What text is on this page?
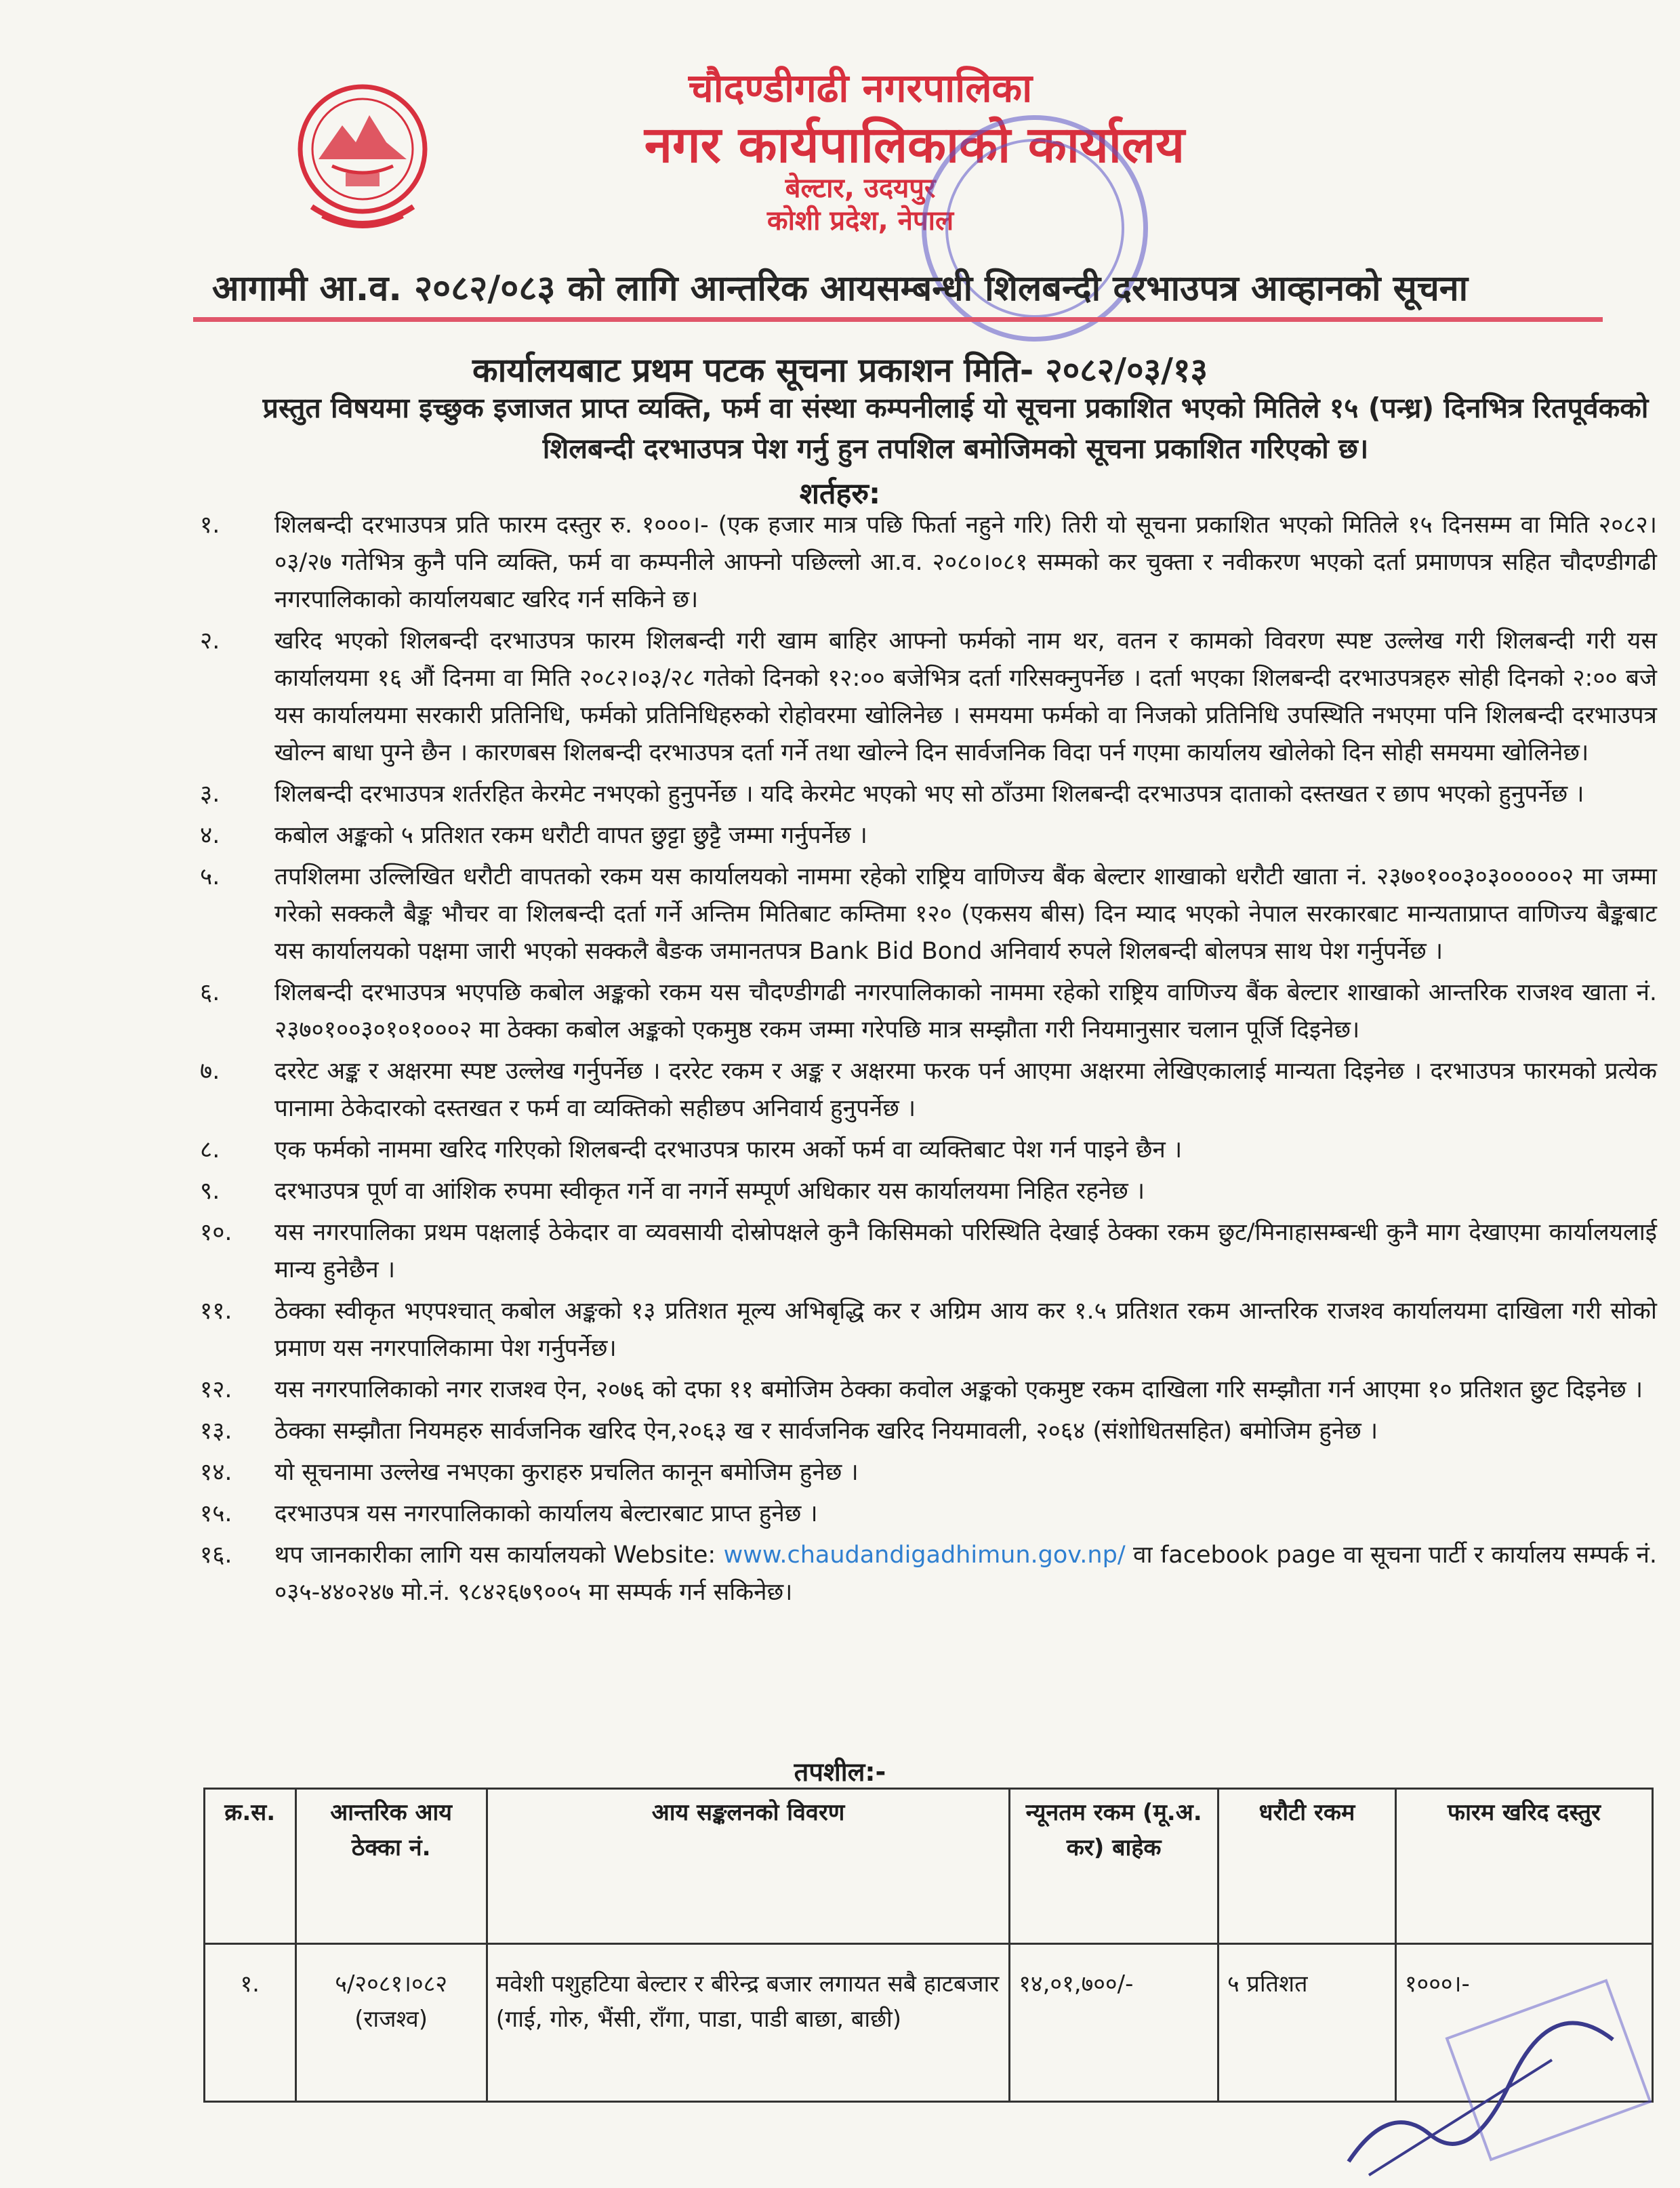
चौदण्डीगढी नगरपालिका
नगर कार्यपालिकाको कार्यालय
बेल्टार, उदयपुर
कोशी प्रदेश, नेपाल
आगामी आ.व. २०८२/०८३ को लागि आन्तरिक आयसम्बन्धी शिलबन्दी दरभाउपत्र आव्हानको सूचना
कार्यालयबाट प्रथम पटक सूचना प्रकाशन मिति- २०८२/०३/१३
प्रस्तुत विषयमा इच्छुक इजाजत प्राप्त व्यक्ति, फर्म वा संस्था कम्पनीलाई यो सूचना प्रकाशित भएको मितिले १५ (पन्ध्र) दिनभित्र रितपूर्वकको शिलबन्दी दरभाउपत्र पेश गर्नु हुन तपशिल बमोजिमको सूचना प्रकाशित गरिएको छ।
शर्तहरु:
१.	शिलबन्दी दरभाउपत्र प्रति फारम दस्तुर रु. १०००।- (एक हजार मात्र पछि फिर्ता नहुने गरि) तिरी यो सूचना प्रकाशित भएको मितिले १५ दिनसम्म वा मिति २०८२।०३/२७ गतेभित्र कुनै पनि व्यक्ति, फर्म वा कम्पनीले आफ्नो पछिल्लो आ.व. २०८०।०८१ सम्मको कर चुक्ता र नवीकरण भएको दर्ता प्रमाणपत्र सहित चौदण्डीगढी नगरपालिकाको कार्यालयबाट खरिद गर्न सकिने छ।
२.	खरिद भएको शिलबन्दी दरभाउपत्र फारम शिलबन्दी गरी खाम बाहिर आफ्नो फर्मको नाम थर, वतन र कामको विवरण स्पष्ट उल्लेख गरी शिलबन्दी गरी यस कार्यालयमा १६ औं दिनमा वा मिति २०८२।०३/२८ गतेको दिनको १२:०० बजेभित्र दर्ता गरिसक्नुपर्नेछ । दर्ता भएका शिलबन्दी दरभाउपत्रहरु सोही दिनको २:०० बजे यस कार्यालयमा सरकारी प्रतिनिधि, फर्मको प्रतिनिधिहरुको रोहोवरमा खोलिनेछ । समयमा फर्मको वा निजको प्रतिनिधि उपस्थिति नभएमा पनि शिलबन्दी दरभाउपत्र खोल्न बाधा पुग्ने छैन । कारणबस शिलबन्दी दरभाउपत्र दर्ता गर्ने तथा खोल्ने दिन सार्वजनिक विदा पर्न गएमा कार्यालय खोलेको दिन सोही समयमा खोलिनेछ।
३.	शिलबन्दी दरभाउपत्र शर्तरहित केरमेट नभएको हुनुपर्नेछ । यदि केरमेट भएको भए सो ठाँउमा शिलबन्दी दरभाउपत्र दाताको दस्तखत र छाप भएको हुनुपर्नेछ ।
४.	कबोल अङ्कको ५ प्रतिशत रकम धरौटी वापत छुट्टा छुट्टै जम्मा गर्नुपर्नेछ ।
५.	तपशिलमा उल्लिखित धरौटी वापतको रकम यस कार्यालयको नाममा रहेको राष्ट्रिय वाणिज्य बैंक बेल्टार शाखाको धरौटी खाता नं. २३७०१००३०३०००००२ मा जम्मा गरेको सक्कलै बैङ्क भौचर वा शिलबन्दी दर्ता गर्ने अन्तिम मितिबाट कम्तिमा १२० (एकसय बीस) दिन म्याद भएको नेपाल सरकारबाट मान्यताप्राप्त वाणिज्य बैङ्कबाट यस कार्यालयको पक्षमा जारी भएको सक्कलै बैङक जमानतपत्र Bank Bid Bond अनिवार्य रुपले शिलबन्दी बोलपत्र साथ पेश गर्नुपर्नेछ ।
६.	शिलबन्दी दरभाउपत्र भएपछि कबोल अङ्कको रकम यस चौदण्डीगढी नगरपालिकाको नाममा रहेको राष्ट्रिय वाणिज्य बैंक बेल्टार शाखाको आन्तरिक राजश्व खाता नं. २३७०१००३०१०१०००२ मा ठेक्का कबोल अङ्कको एकमुष्ठ रकम जम्मा गरेपछि मात्र सम्झौता गरी नियमानुसार चलान पूर्जि दिइनेछ।
७.	दररेट अङ्क र अक्षरमा स्पष्ट उल्लेख गर्नुपर्नेछ । दररेट रकम र अङ्क र अक्षरमा फरक पर्न आएमा अक्षरमा लेखिएकालाई मान्यता दिइनेछ । दरभाउपत्र फारमको प्रत्येक पानामा ठेकेदारको दस्तखत र फर्म वा व्यक्तिको सहीछप अनिवार्य हुनुपर्नेछ ।
८.	एक फर्मको नाममा खरिद गरिएको शिलबन्दी दरभाउपत्र फारम अर्को फर्म वा व्यक्तिबाट पेश गर्न पाइने छैन ।
९.	दरभाउपत्र पूर्ण वा आंशिक रुपमा स्वीकृत गर्ने वा नगर्ने सम्पूर्ण अधिकार यस कार्यालयमा निहित रहनेछ ।
१०.	यस नगरपालिका प्रथम पक्षलाई ठेकेदार वा व्यवसायी दोस्रोपक्षले कुनै किसिमको परिस्थिति देखाई ठेक्का रकम छुट/मिनाहासम्बन्धी कुनै माग देखाएमा कार्यालयलाई मान्य हुनेछैन ।
११.	ठेक्का स्वीकृत भएपश्चात् कबोल अङ्कको १३ प्रतिशत मूल्य अभिबृद्धि कर र अग्रिम आय कर १.५ प्रतिशत रकम आन्तरिक राजश्व कार्यालयमा दाखिला गरी सोको प्रमाण यस नगरपालिकामा पेश गर्नुपर्नेछ।
१२.	यस नगरपालिकाको नगर राजश्व ऐन, २०७६ को दफा ११ बमोजिम ठेक्का कवोल अङ्कको एकमुष्ट रकम दाखिला गरि सम्झौता गर्न आएमा १० प्रतिशत छुट दिइनेछ ।
१३.	ठेक्का सम्झौता नियमहरु सार्वजनिक खरिद ऐन,२०६३ ख र सार्वजनिक खरिद नियमावली, २०६४ (संशोधितसहित) बमोजिम हुनेछ ।
१४.	यो सूचनामा उल्लेख नभएका कुराहरु प्रचलित कानून बमोजिम हुनेछ ।
१५.	दरभाउपत्र यस नगरपालिकाको कार्यालय बेल्टारबाट प्राप्त हुनेछ ।
१६.	थप जानकारीका लागि यस कार्यालयको Website: www.chaudandigadhimun.gov.np/ वा facebook page वा सूचना पार्टी र कार्यालय सम्पर्क नं. ०३५-४४०२४७ मो.नं. ९८४२६७९००५ मा सम्पर्क गर्न सकिनेछ।
तपशील:-
क्र.स.	आन्तरिक आय ठेक्का नं.	आय सङ्कलनको विवरण	न्यूनतम रकम (मू.अ. कर) बाहेक	धरौटी रकम	फारम खरिद दस्तुर
१.	५/२०८१।०८२ (राजश्व)	मवेशी पशुहटिया बेल्टार र बीरेन्द्र बजार लगायत सबै हाटबजार (गाई, गोरु, भैंसी, राँगा, पाडा, पाडी बाछा, बाछी)	१४,०१,७००/-	५ प्रतिशत	१०००।-
